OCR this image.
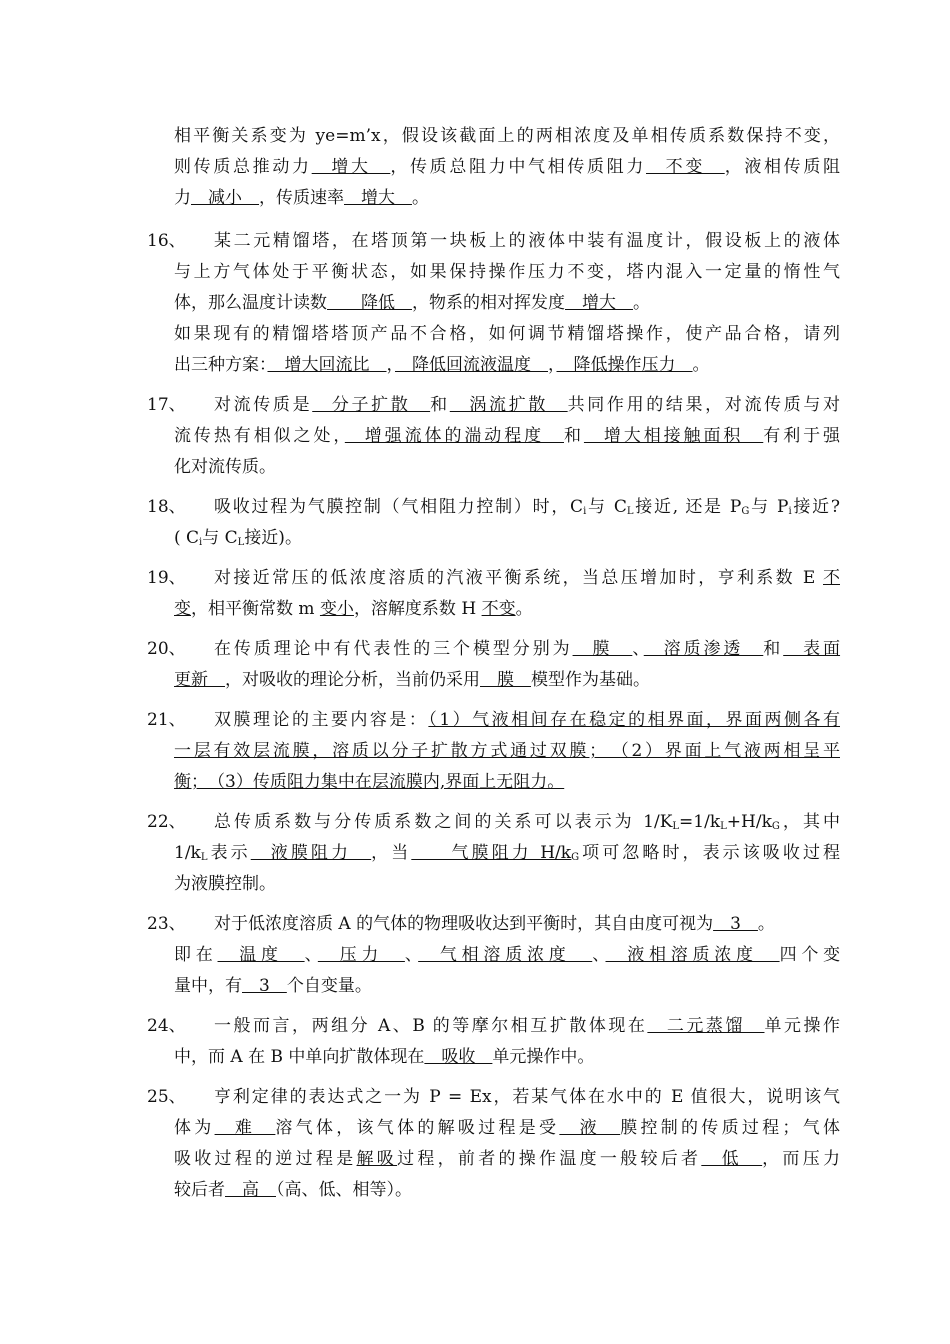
相平衡关系变为 ye=m’x，假设该截面上的两相浓度及单相传质系数保持不变，
则传质总推动力　增大　，传质总阻力中气相传质阻力　不变　，液相传质阻
力　减小　，传质速率　增大　。
16、	某二元精馏塔，在塔顶第一块板上的液体中装有温度计，假设板上的液体
与上方气体处于平衡状态，如果保持操作压力不变，塔内混入一定量的惰性气
体，那么温度计读数　　降低　，物系的相对挥发度　增大　。
如果现有的精馏塔塔顶产品不合格，如何调节精馏塔操作，使产品合格，请列
出三种方案：　增大回流比　，　降低回流液温度　，　降低操作压力　。
17、	对流传质是　分子扩散　和　涡流扩散　共同作用的结果，对流传质与对
流传热有相似之处，　增强流体的湍动程度　和　增大相接触面积　有利于强
化对流传质。
18、	吸收过程为气膜控制（气相阻力控制）时，$C_i$与 $C_L$接近, 还是 $P_G$与 $P_i$接近?
( $C_i$与 $C_L$接近)。
19、	对接近常压的低浓度溶质的汽液平衡系统，当总压增加时，亨利系数 E 不
变，相平衡常数 m 变小，溶解度系数 H 不变。
20、	在传质理论中有代表性的三个模型分别为　膜　、　溶质渗透　和　表面
更新　，对吸收的理论分析，当前仍采用　膜　模型作为基础。
21、	双膜理论的主要内容是：（1）气液相间存在稳定的相界面，界面两侧各有
一层有效层流膜，溶质以分子扩散方式通过双膜；　（2）界面上气液两相呈平
衡；　（3）传质阻力集中在层流膜内,界面上无阻力。
22、	总传质系数与分传质系数之间的关系可以表示为 $1/K_L=1/k_L+H/k_G$，其中
$1/k_L$表示　液膜阻力　，当　　气膜阻力 $H/k_G$项可忽略时，表示该吸收过程
为液膜控制。
23、	对于低浓度溶质 A 的气体的物理吸收达到平衡时，其自由度可视为　3　。
即在　温度　、　压力　、　气相溶质浓度　、　液相溶质浓度　四个变
量中，有　3　个自变量。
24、	一般而言，两组分 A、B 的等摩尔相互扩散体现在　二元蒸馏　单元操作
中，而 A 在 B 中单向扩散体现在　吸收　单元操作中。
25、	亨利定律的表达式之一为 P = Ex，若某气体在水中的 E 值很大，说明该气
体为　难　溶气体，该气体的解吸过程是受　液　膜控制的传质过程；气体
吸收过程的逆过程是解吸过程，前者的操作温度一般较后者　低　，而压力
较后者　高　（高、低、相等）。
